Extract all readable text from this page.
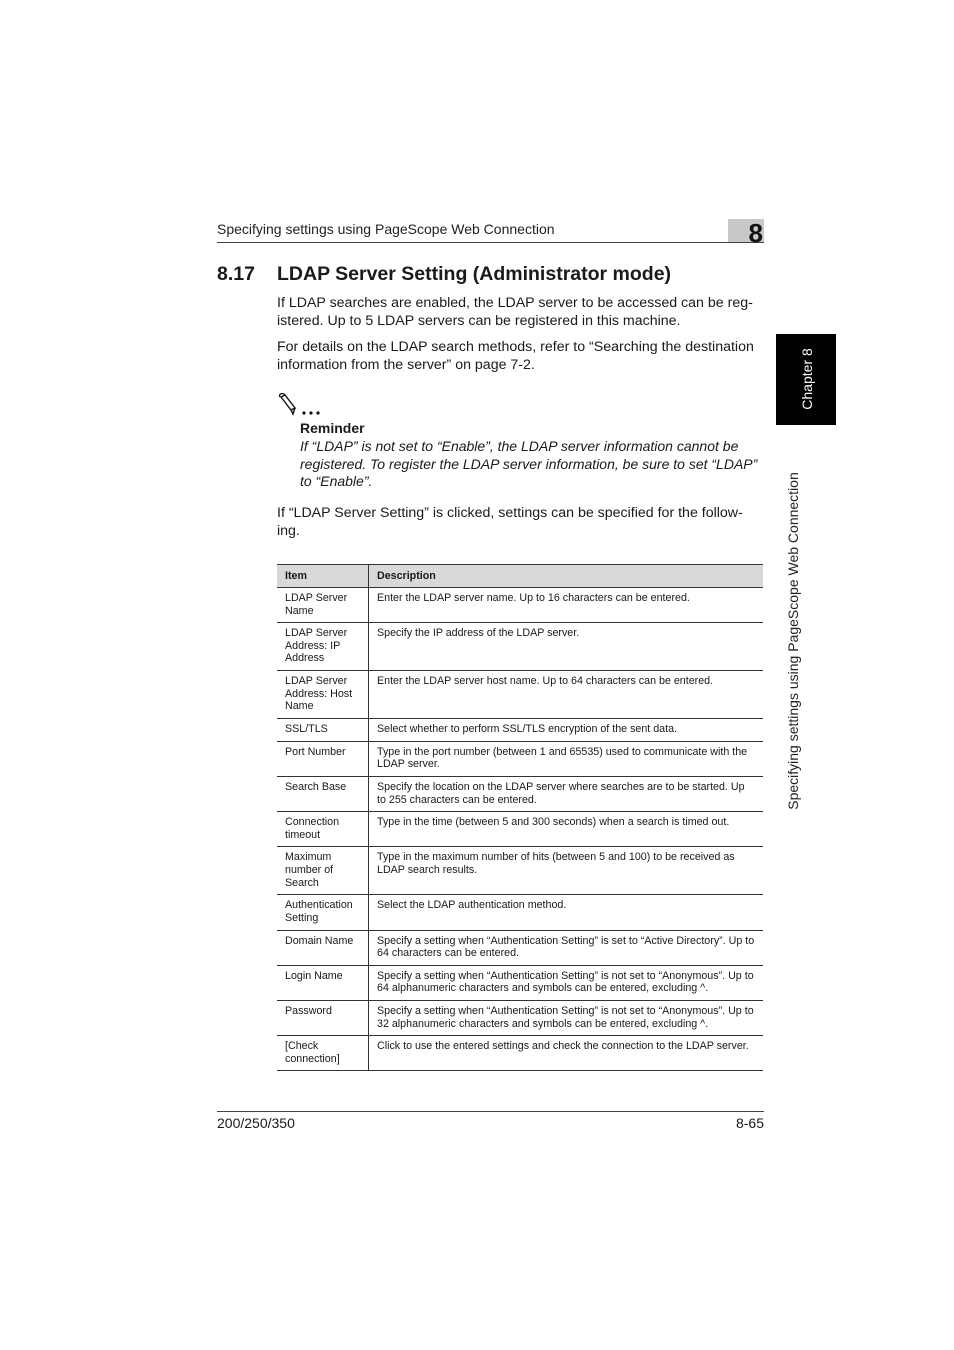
Specifying settings using PageScope Web Connection	8
Chapter 8
Specifying settings using PageScope Web Connection
8.17 LDAP Server Setting (Administrator mode)

If LDAP searches are enabled, the LDAP server to be accessed can be reg-istered. Up to 5 LDAP servers can be registered in this machine.

For details on the LDAP search methods, refer to “Searching the destination information from the server” on page 7-2.

Reminder
If “LDAP” is not set to “Enable”, the LDAP server information cannot be registered. To register the LDAP server information, be sure to set “LDAP” to “Enable”.

If “LDAP Server Setting” is clicked, settings can be specified for the follow-ing.

Item	Description
LDAP Server Name	Enter the LDAP server name. Up to 16 characters can be entered.
LDAP Server Address: IP Address	Specify the IP address of the LDAP server.
LDAP Server Address: Host Name	Enter the LDAP server host name. Up to 64 characters can be entered.
SSL/TLS	Select whether to perform SSL/TLS encryption of the sent data.
Port Number	Type in the port number (between 1 and 65535) used to communicate with the LDAP server.
Search Base	Specify the location on the LDAP server where searches are to be started. Up to 255 characters can be entered.
Connection timeout	Type in the time (between 5 and 300 seconds) when a search is timed out.
Maximum number of Search	Type in the maximum number of hits (between 5 and 100) to be received as LDAP search results.
Authentication Setting	Select the LDAP authentication method.
Domain Name	Specify a setting when “Authentication Setting” is set to “Active Directory”. Up to 64 characters can be entered.
Login Name	Specify a setting when “Authentication Setting” is not set to “Anonymous”. Up to 64 alphanumeric characters and symbols can be entered, excluding ^.
Password	Specify a setting when “Authentication Setting” is not set to “Anonymous”. Up to 32 alphanumeric characters and symbols can be entered, excluding ^.
[Check connection]	Click to use the entered settings and check the connection to the LDAP server.
200/250/350	8-65
